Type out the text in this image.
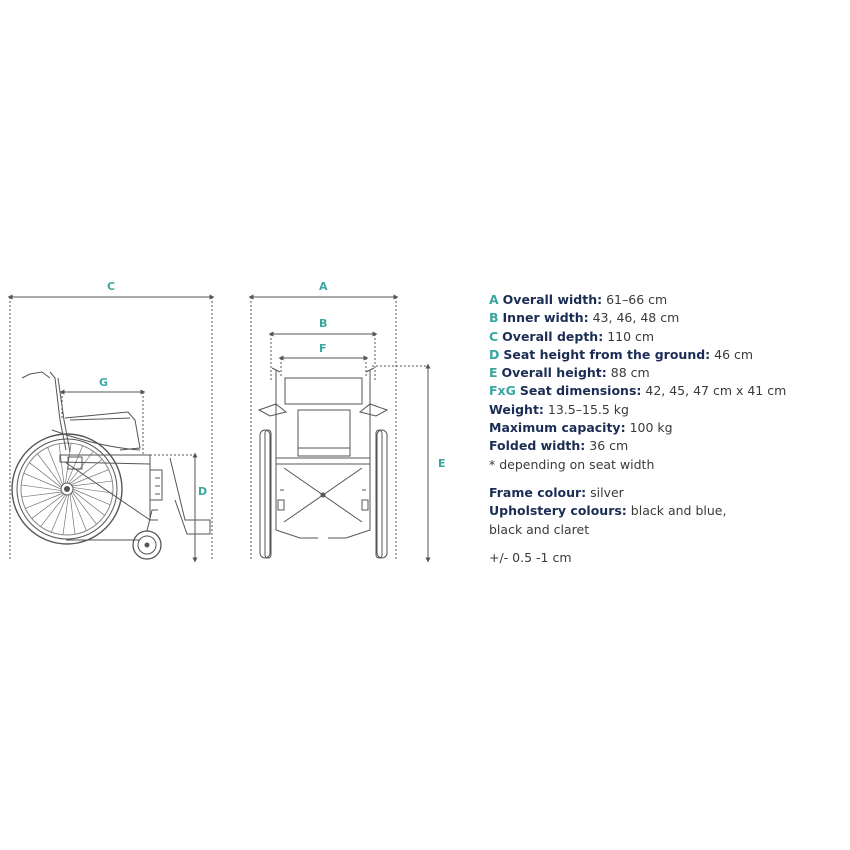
C
G
D
A
B
F
E
A Overall width: 61–66 cm
B Inner width: 43, 46, 48 cm
C Overall depth: 110 cm
D Seat height from the ground: 46 cm
E Overall height: 88 cm
FxG Seat dimensions: 42, 45, 47 cm x 41 cm
Weight: 13.5–15.5 kg
Maximum capacity: 100 kg
Folded width: 36 cm
* depending on seat width
Frame colour: silver
Upholstery colours: black and blue,
black and claret
+/- 0.5 -1 cm
